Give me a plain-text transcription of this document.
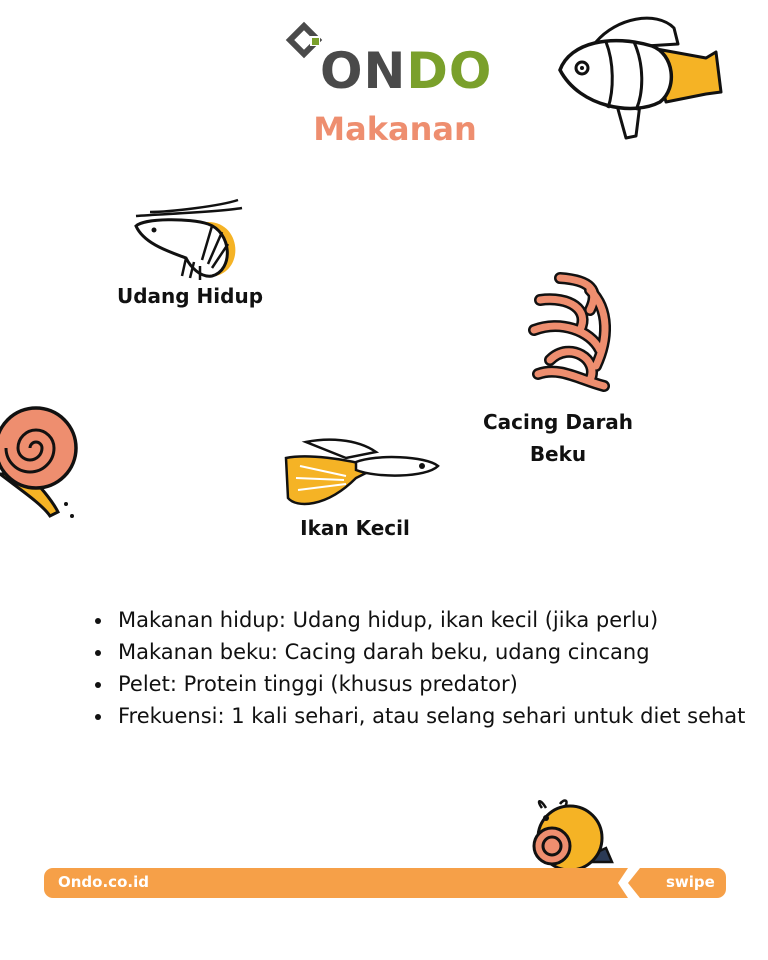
ONDO
Makanan
Udang Hidup
Cacing Darah Beku
Ikan Kecil
• Makanan hidup: Udang hidup, ikan kecil (jika perlu)
• Makanan beku: Cacing darah beku, udang cincang
• Pelet: Protein tinggi (khusus predator)
• Frekuensi: 1 kali sehari, atau selang sehari untuk diet sehat
Ondo.co.id	swipe
